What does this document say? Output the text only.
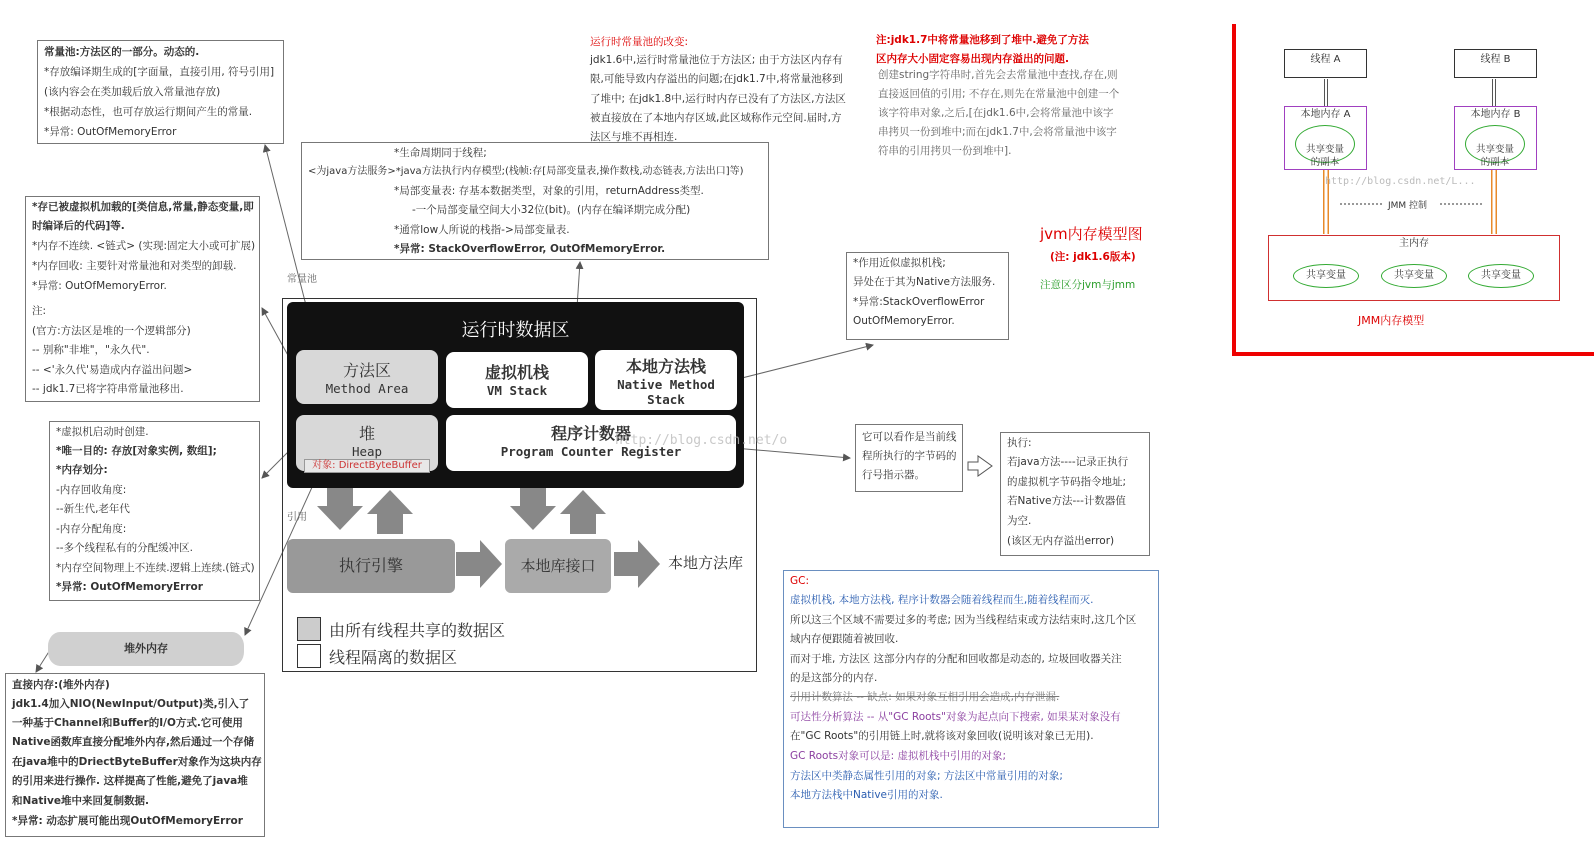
常量池:方法区的一部分。动态的.
*存放编译期生成的[字面量，直接引用, 符号引用]
(该内容会在类加载后放入常量池存放)
*根据动态性，也可存放运行期间产生的常量.
*异常: OutOfMemoryError
*存已被虚拟机加载的[类信息,常量,静态变量,即
时编译后的代码]等.
*内存不连续. <链式> (实现:固定大小或可扩展)
*内存回收: 主要针对常量池和对类型的卸载.
*异常: OutOfMemoryError.
注:
(官方:方法区是堆的一个逻辑部分)
-- 别称"非堆"，"永久代".
-- <'永久代'易造成内存溢出问题>
-- jdk1.7已将字符串常量池移出.
*虚拟机启动时创建.
*唯一目的: 存放[对象实例, 数组];
*内存划分:
-内存回收角度:
--新生代,老年代
-内存分配角度:
--多个线程私有的分配缓冲区.
*内存空间物理上不连续.逻辑上连续.(链式)
*异常: OutOfMemoryError
堆外内存
直接内存:(堆外内存)
jdk1.4加入NIO(NewInput/Output)类,引入了
一种基于Channel和Buffer的I/O方式.它可使用
Native函数库直接分配堆外内存,然后通过一个存储
在java堆中的DriectByteBuffer对象作为这块内存
的引用来进行操作. 这样提高了性能,避免了java堆
和Native堆中来回复制数据.
*异常: 动态扩展可能出现OutOfMemoryError
*生命周期同于线程;
<为java方法服务>*java方法执行内存模型;(栈帧:存[局部变量表,操作数栈,动态链表,方法出口]等)
*局部变量表: 存基本数据类型，对象的引用，returnAddress类型.
-一个局部变量空间大小32位(bit)。(内存在编译期完成分配)
*通常low人所说的栈指->局部变量表.
*异常: StackOverflowError, OutOfMemoryError.
运行时数据区
方法区
Method Area
虚拟机栈
VM Stack
本地方法栈
Native Method
Stack
堆
Heap
对象: DirectByteBuffer
程序计数器
Program Counter Register
http://blog.csdn.net/o
执行引擎	本地库接口	本地方法库
由所有线程共享的数据区
线程隔离的数据区
常量池
引用
运行时常量池的改变:
jdk1.6中,运行时常量池位于方法区; 由于方法区内存有
限,可能导致内存溢出的问题;在jdk1.7中,将常量池移到
了堆中; 在jdk1.8中,运行时内存已没有了方法区,方法区
被直接放在了本地内存区域,此区域称作元空间.届时,方
法区与堆不再相连.
注:jdk1.7中将常量池移到了堆中.避免了方法
区内存大小固定容易出现内存溢出的问题.
创建string字符串时,首先会去常量池中查找,存在,则
直接返回值的引用; 不存在,则先在常量池中创建一个
该字符串对象,之后,[在jdk1.6中,会将常量池中该字
串拷贝一份到堆中;而在jdk1.7中,会将常量池中该字
符串的引用拷贝一份到堆中].
jvm内存模型图
(注: jdk1.6版本)
注意区分jvm与jmm
*作用近似虚拟机栈;
异处在于其为Native方法服务.
*异常:StackOverflowError
OutOfMemoryError.
它可以看作是当前线
程所执行的字节码的
行号指示器。
执行:
若java方法----记录正执行
的虚拟机字节码指令地址;
若Native方法---计数器值
为空.
(该区无内存溢出error)
GC:
虚拟机栈, 本地方法栈, 程序计数器会随着线程而生,随着线程而灭.
所以这三个区域不需要过多的考虑; 因为当线程结束或方法结束时,这几个区
域内存便跟随着被回收.
而对于堆, 方法区 这部分内存的分配和回收都是动态的, 垃圾回收器关注
的是这部分的内存.
引用计数算法 -- 缺点: 如果对象互相引用会造成,内存泄漏.
可达性分析算法 -- 从"GC Roots"对象为起点向下搜索, 如果某对象没有
在"GC Roots"的引用链上时,就将该对象回收(说明该对象已无用).
GC Roots对象可以是: 虚拟机栈中引用的对象;
方法区中类静态属性引用的对象; 方法区中常量引用的对象;
本地方法栈中Native引用的对象.
线程 A	线程 B
本地内存 A

共享变量
的副本

本地内存 B

共享变量
的副本

http://blog.csdn.net/L...
JMM 控制
主内存
共享变量	共享变量	共享变量
JMM内存模型
